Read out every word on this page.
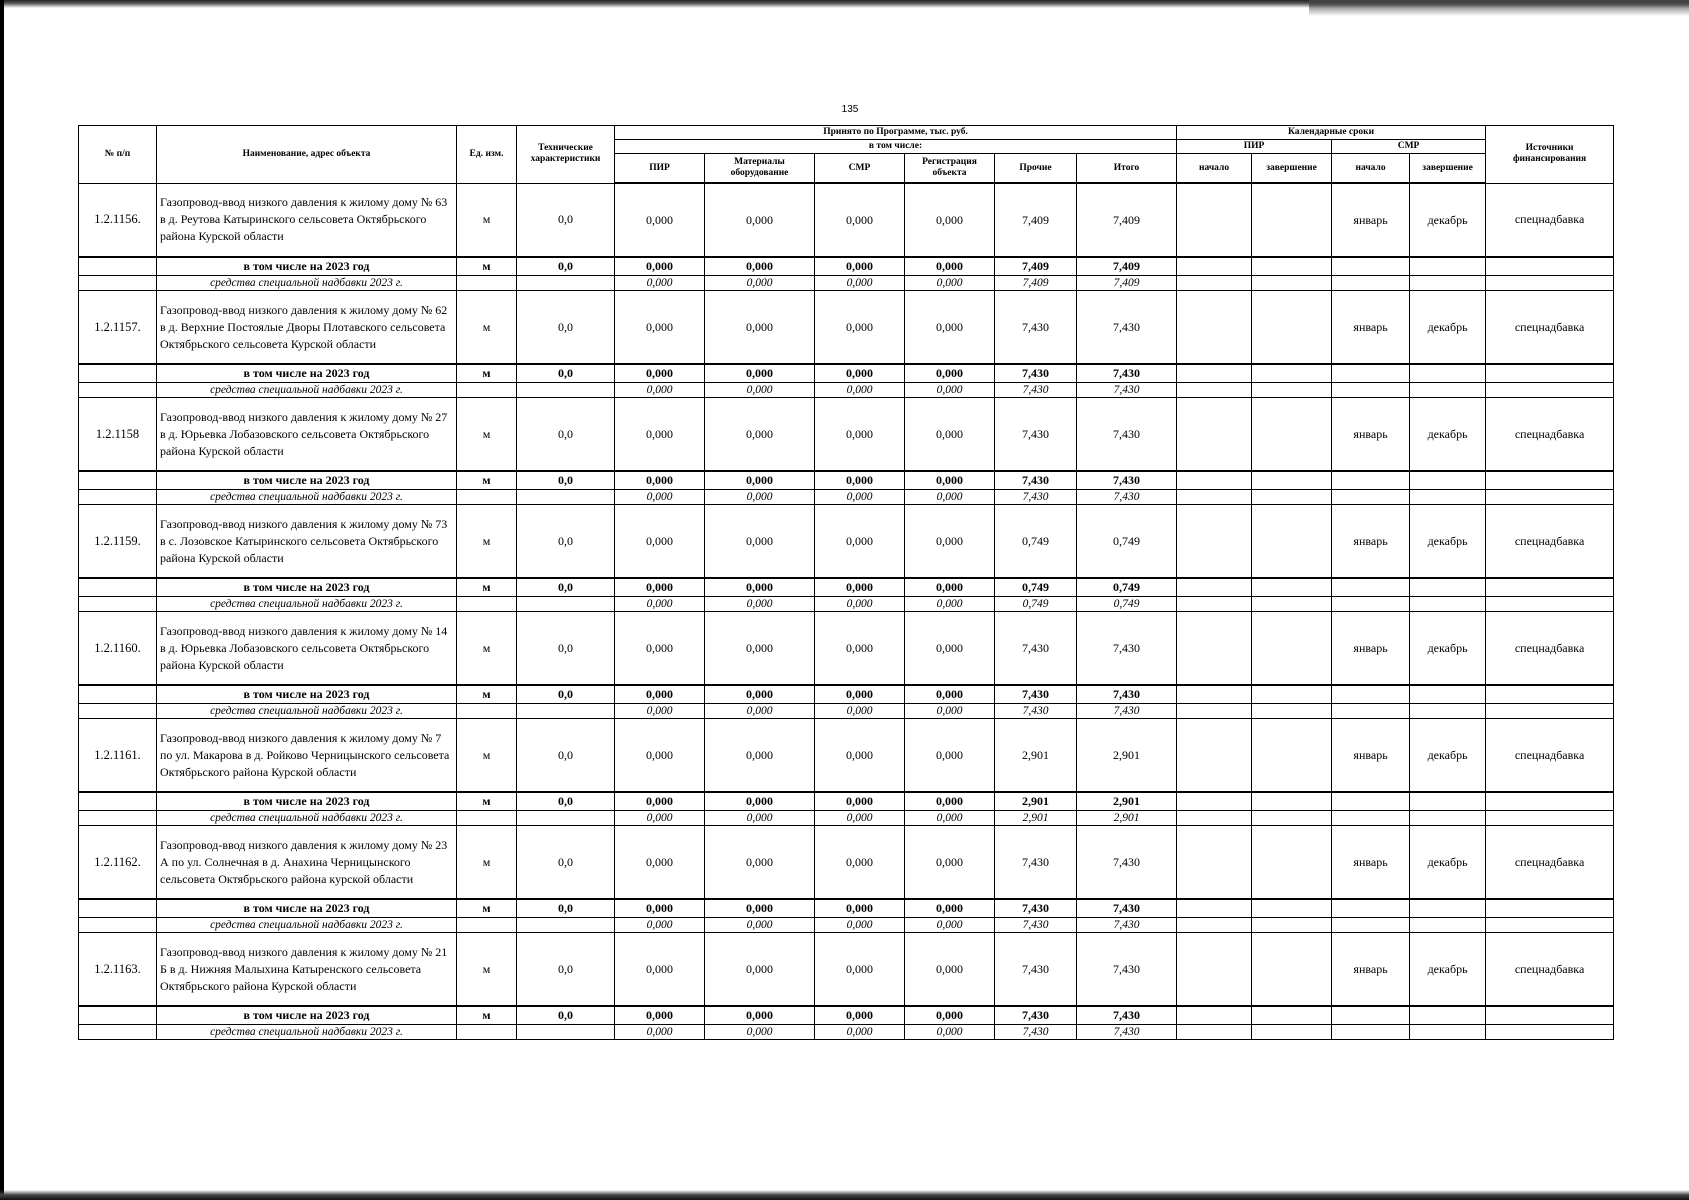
135
№ п/п	Наименование, адрес объекта	Ед. изм.	Технические характеристики	Принято по Программе, тыс. руб.						Календарные сроки				Источники финансирования
				в том числе:						ПИР		СМР		
				ПИР	Материалы оборудование	СМР	Регистрация объекта	Прочие	Итого	начало	завершение	начало	завершение	
1.2.1156.	Газопровод-ввод низкого давления к жилому дому № 63 в д. Реутова Катыринского сельсовета Октябрьского района Курской области	м	0,0	0,000	0,000	0,000	0,000	7,409	7,409			январь	декабрь	спецнадбавка
	в том числе на 2023 год	м	0,0	0,000	0,000	0,000	0,000	7,409	7,409					
	средства специальной надбавки 2023 г.			0,000	0,000	0,000	0,000	7,409	7,409					
1.2.1157.	Газопровод-ввод низкого давления к жилому дому № 62 в д. Верхние Постоялые Дворы Плотавского сельсовета Октябрьского сельсовета Курской области	м	0,0	0,000	0,000	0,000	0,000	7,430	7,430			январь	декабрь	спецнадбавка
	в том числе на 2023 год	м	0,0	0,000	0,000	0,000	0,000	7,430	7,430					
	средства специальной надбавки 2023 г.			0,000	0,000	0,000	0,000	7,430	7,430					
1.2.1158	Газопровод-ввод низкого давления к жилому дому № 27 в д. Юрьевка Лобазовского сельсовета Октябрьского района Курской области	м	0,0	0,000	0,000	0,000	0,000	7,430	7,430			январь	декабрь	спецнадбавка
	в том числе на 2023 год	м	0,0	0,000	0,000	0,000	0,000	7,430	7,430					
	средства специальной надбавки 2023 г.			0,000	0,000	0,000	0,000	7,430	7,430					
1.2.1159.	Газопровод-ввод низкого давления к жилому дому № 73 в с. Лозовское Катыринского сельсовета Октябрьского района Курской области	м	0,0	0,000	0,000	0,000	0,000	0,749	0,749			январь	декабрь	спецнадбавка
	в том числе на 2023 год	м	0,0	0,000	0,000	0,000	0,000	0,749	0,749					
	средства специальной надбавки 2023 г.			0,000	0,000	0,000	0,000	0,749	0,749					
1.2.1160.	Газопровод-ввод низкого давления к жилому дому № 14 в д. Юрьевка Лобазовского сельсовета Октябрьского района Курской области	м	0,0	0,000	0,000	0,000	0,000	7,430	7,430			январь	декабрь	спецнадбавка
	в том числе на 2023 год	м	0,0	0,000	0,000	0,000	0,000	7,430	7,430					
	средства специальной надбавки 2023 г.			0,000	0,000	0,000	0,000	7,430	7,430					
1.2.1161.	Газопровод-ввод низкого давления к жилому дому № 7 по ул. Макарова в д. Ройково Черницынского сельсовета Октябрьского района Курской области	м	0,0	0,000	0,000	0,000	0,000	2,901	2,901			январь	декабрь	спецнадбавка
	в том числе на 2023 год	м	0,0	0,000	0,000	0,000	0,000	2,901	2,901					
	средства специальной надбавки 2023 г.			0,000	0,000	0,000	0,000	2,901	2,901					
1.2.1162.	Газопровод-ввод низкого давления к жилому дому № 23 А по ул. Солнечная в д. Анахина Черницынского сельсовета Октябрьского района курской области	м	0,0	0,000	0,000	0,000	0,000	7,430	7,430			январь	декабрь	спецнадбавка
	в том числе на 2023 год	м	0,0	0,000	0,000	0,000	0,000	7,430	7,430					
	средства специальной надбавки 2023 г.			0,000	0,000	0,000	0,000	7,430	7,430					
1.2.1163.	Газопровод-ввод низкого давления к жилому дому № 21 Б в д. Нижняя Малыхина Катыренского сельсовета Октябрьского района Курской области	м	0,0	0,000	0,000	0,000	0,000	7,430	7,430			январь	декабрь	спецнадбавка
	в том числе на 2023 год	м	0,0	0,000	0,000	0,000	0,000	7,430	7,430					
	средства специальной надбавки 2023 г.			0,000	0,000	0,000	0,000	7,430	7,430					
